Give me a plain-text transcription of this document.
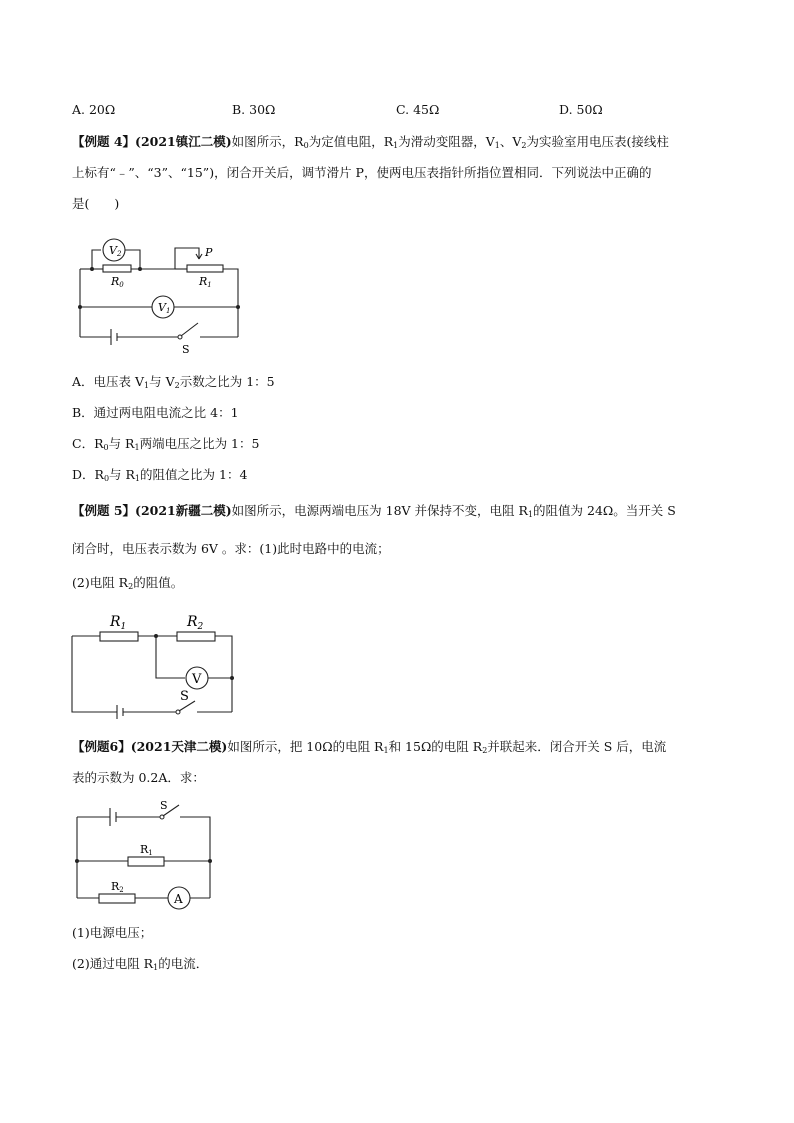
A. 20Ω	B. 30Ω	C. 45Ω	D. 50Ω
【例题 4】(2021镇江二模)如图所示，$R_0$为定值电阻，$R_1$为滑动变阻器，$V_1$、$V_2$为实验室用电压表(接线柱
上标有“﹣”、“3”、“15”)，闭合开关后，调节滑片 P，使两电压表指针所指位置相同．下列说法中正确的
是(　　)
V2
V1
R0	R1
P
S
A．电压表 $V_1$与 $V_2$示数之比为 1：5
B．通过两电阻电流之比 4：1
C．$R_0$与 $R_1$两端电压之比为 1：5
D．$R_0$与 $R_1$的阻值之比为 1：4
【例题 5】(2021新疆二模)如图所示，电源两端电压为 18V 并保持不变，电阻 $R_1$的阻值为 24Ω。当开关 S
闭合时，电压表示数为 6V 。求：(1)此时电路中的电流；
(2)电阻 $R_2$的阻值。
$R_1$	$R_2$
V
S
【例题6】(2021天津二模)如图所示，把 10Ω的电阻 $R_1$和 15Ω的电阻 $R_2$并联起来．闭合开关 S 后，电流
表的示数为 0.2A．求：
S
R1
R2
A
(1)电源电压；
(2)通过电阻 $R_1$的电流．
